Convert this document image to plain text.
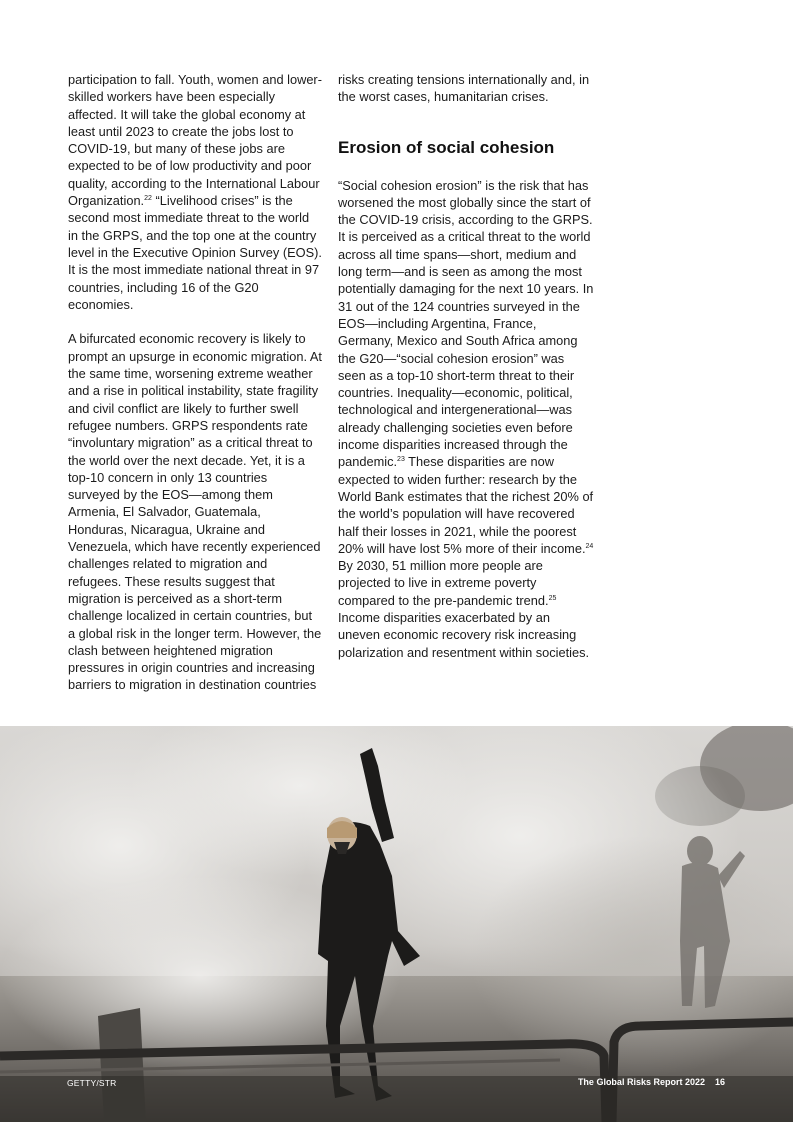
participation to fall. Youth, women and lower-skilled workers have been especially affected. It will take the global economy at least until 2023 to create the jobs lost to COVID-19, but many of these jobs are expected to be of low productivity and poor quality, according to the International Labour Organization.$^{22}$ “Livelihood crises” is the second most immediate threat to the world in the GRPS, and the top one at the country level in the Executive Opinion Survey (EOS). It is the most immediate national threat in 97 countries, including 16 of the G20 economies.

A bifurcated economic recovery is likely to prompt an upsurge in economic migration. At the same time, worsening extreme weather and a rise in political instability, state fragility and civil conflict are likely to further swell refugee numbers. GRPS respondents rate “involuntary migration” as a critical threat to the world over the next decade. Yet, it is a top-10 concern in only 13 countries surveyed by the EOS—among them Armenia, El Salvador, Guatemala, Honduras, Nicaragua, Ukraine and Venezuela, which have recently experienced challenges related to migration and refugees. These results suggest that migration is perceived as a short-term challenge localized in certain countries, but a global risk in the longer term. However, the clash between heightened migration pressures in origin countries and increasing barriers to migration in destination countries

risks creating tensions internationally and, in the worst cases, humanitarian crises.

Erosion of social cohesion

“Social cohesion erosion” is the risk that has worsened the most globally since the start of the COVID-19 crisis, according to the GRPS. It is perceived as a critical threat to the world across all time spans—short, medium and long term—and is seen as among the most potentially damaging for the next 10 years. In 31 out of the 124 countries surveyed in the EOS—including Argentina, France, Germany, Mexico and South Africa among the G20—“social cohesion erosion” was seen as a top-10 short-term threat to their countries. Inequality—economic, political, technological and intergenerational—was already challenging societies even before income disparities increased through the pandemic.$^{23}$ These disparities are now expected to widen further: research by the World Bank estimates that the richest 20% of the world’s population will have recovered half their losses in 2021, while the poorest 20% will have lost 5% more of their income.$^{24}$ By 2030, 51 million more people are projected to live in extreme poverty compared to the pre-pandemic trend.$^{25}$ Income disparities exacerbated by an uneven economic recovery risk increasing polarization and resentment within societies.

GETTY/STR	The Global Risks Report 2022 16
